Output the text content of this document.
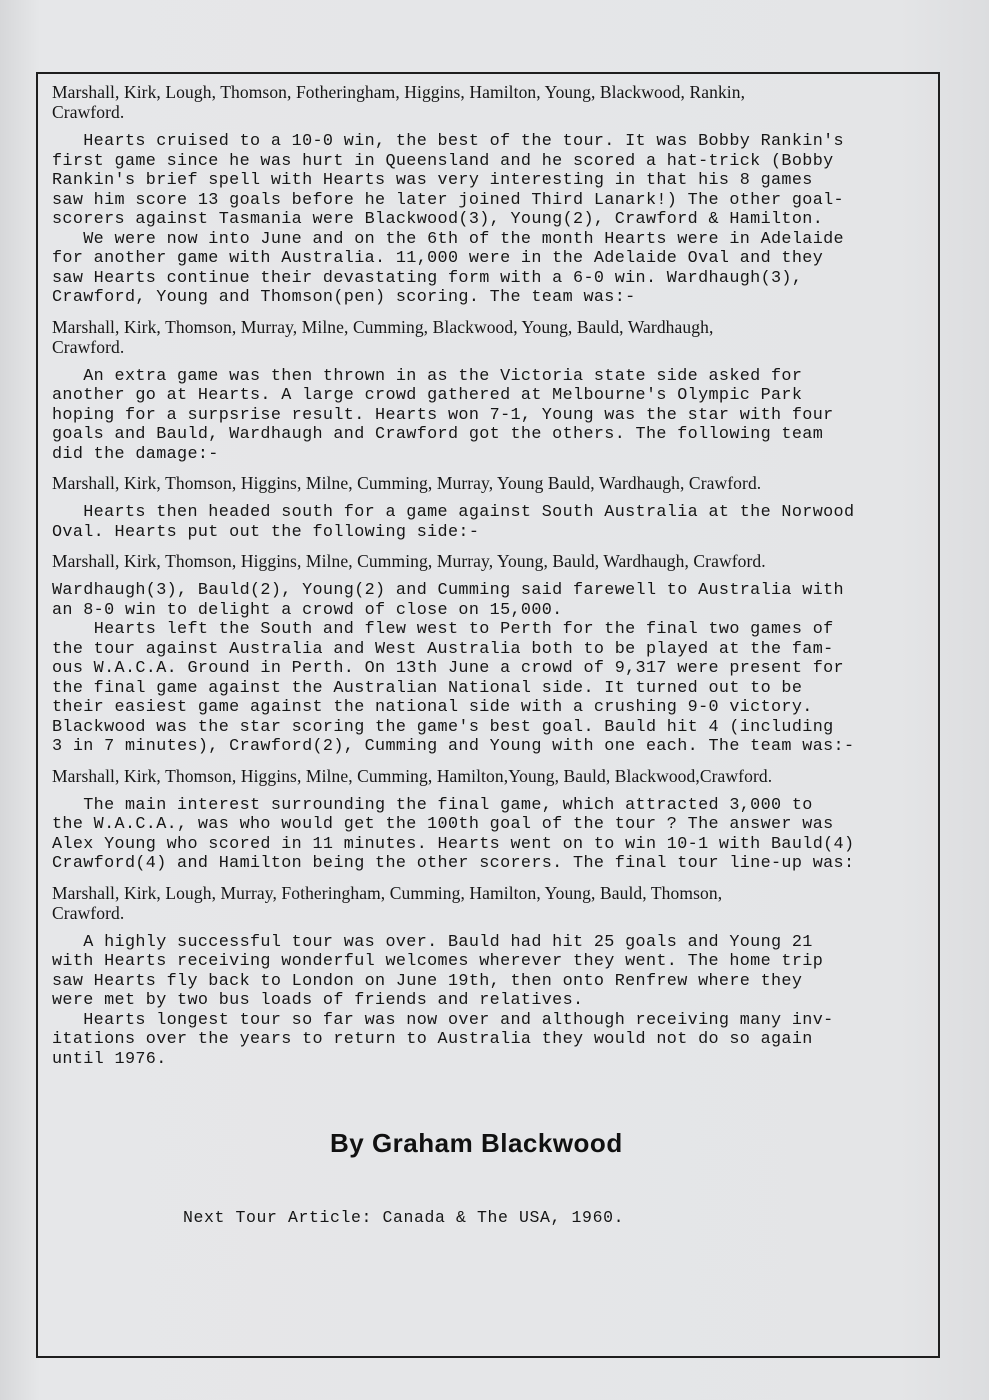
Marshall, Kirk, Lough, Thomson, Fotheringham, Higgins, Hamilton, Young, Blackwood, Rankin,
Crawford.

Hearts cruised to a 10-0 win, the best of the tour. It was Bobby Rankin's
first game since he was hurt in Queensland and he scored a hat-trick (Bobby
Rankin's brief spell with Hearts was very interesting in that his 8 games
saw him score 13 goals before he later joined Third Lanark!) The other goal-
scorers against Tasmania were Blackwood(3), Young(2), Crawford & Hamilton.
We were now into June and on the 6th of the month Hearts were in Adelaide
for another game with Australia. 11,000 were in the Adelaide Oval and they
saw Hearts continue their devastating form with a 6-0 win. Wardhaugh(3),
Crawford, Young and Thomson(pen) scoring. The team was:-

Marshall, Kirk, Thomson, Murray, Milne, Cumming, Blackwood, Young, Bauld, Wardhaugh,
Crawford.

An extra game was then thrown in as the Victoria state side asked for
another go at Hearts. A large crowd gathered at Melbourne's Olympic Park
hoping for a surpsrise result. Hearts won 7-1, Young was the star with four
goals and Bauld, Wardhaugh and Crawford got the others. The following team
did the damage:-

Marshall, Kirk, Thomson, Higgins, Milne, Cumming, Murray, Young Bauld, Wardhaugh, Crawford.

Hearts then headed south for a game against South Australia at the Norwood
Oval. Hearts put out the following side:-

Marshall, Kirk, Thomson, Higgins, Milne, Cumming, Murray, Young, Bauld, Wardhaugh, Crawford.

Wardhaugh(3), Bauld(2), Young(2) and Cumming said farewell to Australia with
an 8-0 win to delight a crowd of close on 15,000.
Hearts left the South and flew west to Perth for the final two games of
the tour against Australia and West Australia both to be played at the fam-
ous W.A.C.A. Ground in Perth. On 13th June a crowd of 9,317 were present for
the final game against the Australian National side. It turned out to be
their easiest game against the national side with a crushing 9-0 victory.
Blackwood was the star scoring the game's best goal. Bauld hit 4 (including
3 in 7 minutes), Crawford(2), Cumming and Young with one each. The team was:-

Marshall, Kirk, Thomson, Higgins, Milne, Cumming, Hamilton,Young, Bauld, Blackwood,Crawford.

The main interest surrounding the final game, which attracted 3,000 to
the W.A.C.A., was who would get the 100th goal of the tour ? The answer was
Alex Young who scored in 11 minutes. Hearts went on to win 10-1 with Bauld(4)
Crawford(4) and Hamilton being the other scorers. The final tour line-up was:

Marshall, Kirk, Lough, Murray, Fotheringham, Cumming, Hamilton, Young, Bauld, Thomson,
Crawford.

A highly successful tour was over. Bauld had hit 25 goals and Young 21
with Hearts receiving wonderful welcomes wherever they went. The home trip
saw Hearts fly back to London on June 19th, then onto Renfrew where they
were met by two bus loads of friends and relatives.
Hearts longest tour so far was now over and although receiving many inv-
itations over the years to return to Australia they would not do so again
until 1976.

By Graham Blackwood
Next Tour Article: Canada & The USA, 1960.
